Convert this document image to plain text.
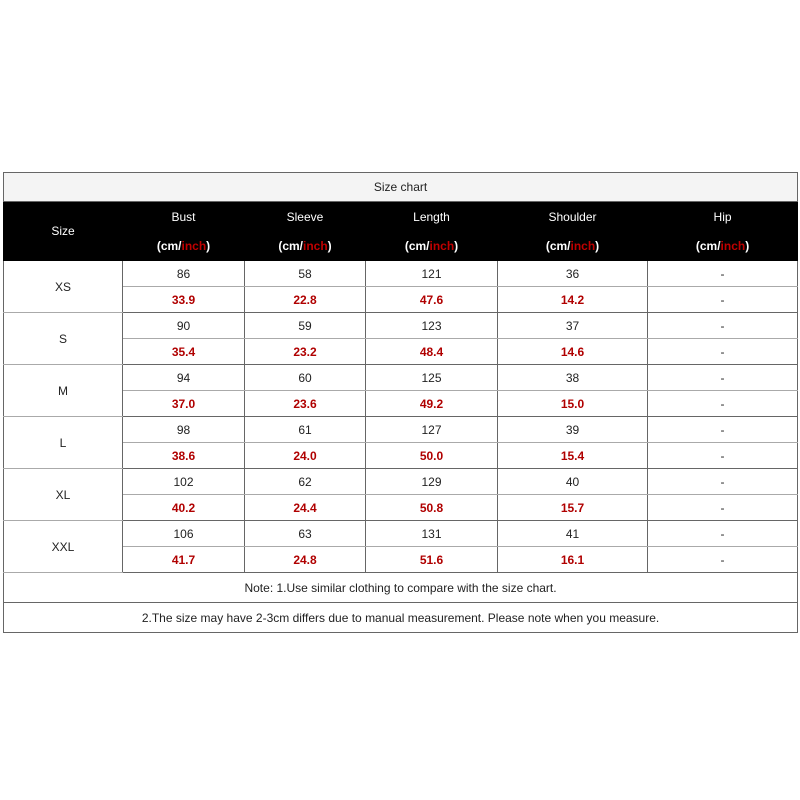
Size chart					
Size	Bust	Sleeve	Length	Shoulder	Hip
	(cm/inch)	(cm/inch)	(cm/inch)	(cm/inch)	(cm/inch)
XS	86	58	121	36	-
	33.9	22.8	47.6	14.2	-
S	90	59	123	37	-
	35.4	23.2	48.4	14.6	-
M	94	60	125	38	-
	37.0	23.6	49.2	15.0	-
L	98	61	127	39	-
	38.6	24.0	50.0	15.4	-
XL	102	62	129	40	-
	40.2	24.4	50.8	15.7	-
XXL	106	63	131	41	-
	41.7	24.8	51.6	16.1	-
Note: 1.Use similar clothing to compare with the size chart.					
2.The size may have 2-3cm differs due to manual measurement. Please note when you measure.					
